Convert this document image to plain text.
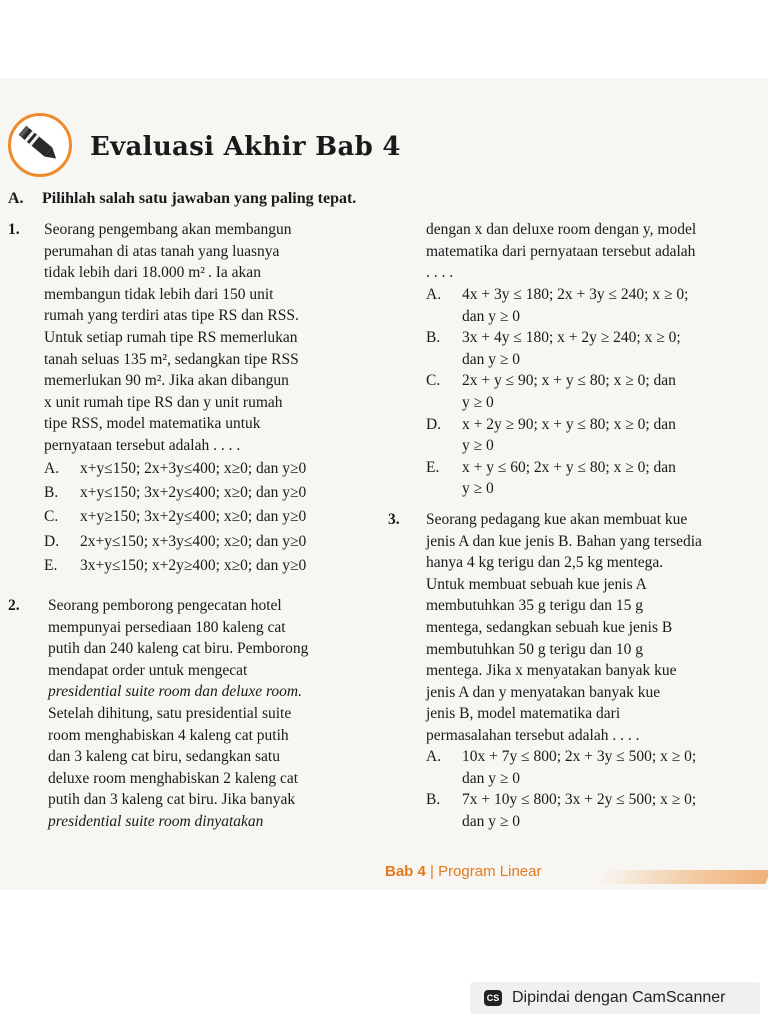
Evaluasi Akhir Bab 4
A. Pilihlah salah satu jawaban yang paling tepat.
1. Seorang pengembang akan membangun

perumahan di atas tanah yang luasnya

tidak lebih dari 18.000 m² . Ia akan

membangun tidak lebih dari 150 unit

rumah yang terdiri atas tipe RS dan RSS.

Untuk setiap rumah tipe RS memerlukan

tanah seluas 135 m², sedangkan tipe RSS

memerlukan 90 m². Jika akan dibangun

x unit rumah tipe RS dan y unit rumah

tipe RSS, model matematika untuk

pernyataan tersebut adalah . . . .

A. x+y≤150; 2x+3y≤400; x≥0; dan y≥0

B. x+y≤150; 3x+2y≤400; x≥0; dan y≥0

C. x+y≥150; 3x+2y≤400; x≥0; dan y≥0

D. 2x+y≤150; x+3y≤400; x≥0; dan y≥0

E. 3x+y≤150; x+2y≥400; x≥0; dan y≥0

2. Seorang pemborong pengecatan hotel

mempunyai persediaan 180 kaleng cat

putih dan 240 kaleng cat biru. Pemborong

mendapat order untuk mengecat

presidential suite room dan deluxe room.

Setelah dihitung, satu presidential suite

room menghabiskan 4 kaleng cat putih

dan 3 kaleng cat biru, sedangkan satu

deluxe room menghabiskan 2 kaleng cat

putih dan 3 kaleng cat biru. Jika banyak

presidential suite room dinyatakan

dengan x dan deluxe room dengan y, model

matematika dari pernyataan tersebut adalah

. . . .

A. 4x + 3y ≤ 180; 2x + 3y ≤ 240; x ≥ 0;

dan y ≥ 0

B. 3x + 4y ≤ 180; x + 2y ≥ 240; x ≥ 0;

dan y ≥ 0

C. 2x + y ≤ 90; x + y ≤ 80; x ≥ 0; dan

y ≥ 0

D. x + 2y ≥ 90; x + y ≤ 80; x ≥ 0; dan

y ≥ 0

E. x + y ≤ 60; 2x + y ≤ 80; x ≥ 0; dan

y ≥ 0

3. Seorang pedagang kue akan membuat kue

jenis A dan kue jenis B. Bahan yang tersedia

hanya 4 kg terigu dan 2,5 kg mentega.

Untuk membuat sebuah kue jenis A

membutuhkan 35 g terigu dan 15 g

mentega, sedangkan sebuah kue jenis B

membutuhkan 50 g terigu dan 10 g

mentega. Jika x menyatakan banyak kue

jenis A dan y menyatakan banyak kue

jenis B, model matematika dari

permasalahan tersebut adalah . . . .

A. 10x + 7y ≤ 800; 2x + 3y ≤ 500; x ≥ 0;

dan y ≥ 0

B. 7x + 10y ≤ 800; 3x + 2y ≤ 500; x ≥ 0;

dan y ≥ 0

Bab 4 | Program Linear
CS Dipindai dengan CamScanner
